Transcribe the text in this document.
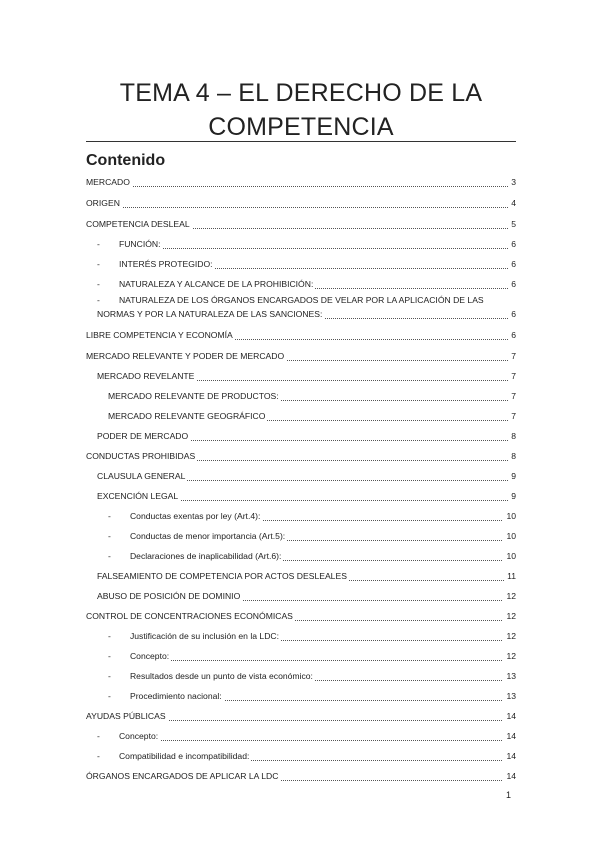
TEMA 4 – EL DERECHO DE LA
COMPETENCIA
Contenido
MERCADO	3
ORIGEN	4
COMPETENCIA DESLEAL	5
-        FUNCIÓN:	6
-        INTERÉS PROTEGIDO:	6
-        NATURALEZA Y ALCANCE DE LA PROHIBICIÓN:	6
-        NATURALEZA DE LOS ÓRGANOS ENCARGADOS DE VELAR POR LA APLICACIÓN DE LAS
NORMAS Y POR LA NATURALEZA DE LAS SANCIONES:	6
LIBRE COMPETENCIA Y ECONOMÍA	6
MERCADO RELEVANTE Y PODER DE MERCADO	7
MERCADO REVELANTE	7
MERCADO RELEVANTE DE PRODUCTOS:	7
MERCADO RELEVANTE GEOGRÁFICO	7
PODER DE MERCADO	8
CONDUCTAS PROHIBIDAS	8
CLAUSULA GENERAL	9
EXCENCIÓN LEGAL	9
-        Conductas exentas por ley (Art.4):	10
-        Conductas de menor importancia (Art.5):	10
-        Declaraciones de inaplicabilidad (Art.6):	10
FALSEAMIENTO DE COMPETENCIA POR ACTOS DESLEALES	11
ABUSO DE POSICIÓN DE DOMINIO	12
CONTROL DE CONCENTRACIONES ECONÓMICAS	12
-        Justificación de su inclusión en la LDC:	12
-        Concepto:	12
-        Resultados desde un punto de vista económico:	13
-        Procedimiento nacional:	13
AYUDAS PÚBLICAS	14
-        Concepto:	14
-        Compatibilidad e incompatibilidad:	14
ÓRGANOS ENCARGADOS DE APLICAR LA LDC	14
1
